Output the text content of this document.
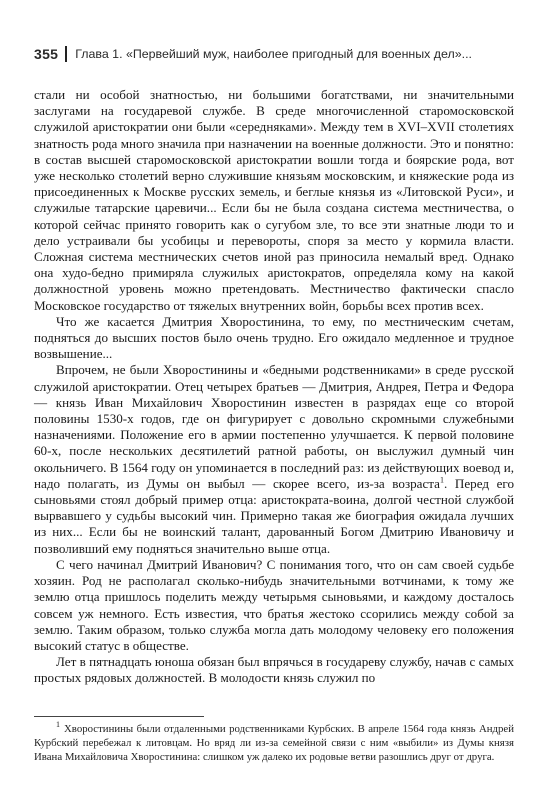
355 Глава 1. «Первейший муж, наиболее пригодный для военных дел»...

стали ни особой знатностью, ни большими богатствами, ни значительными заслугами на государевой службе. В среде многочисленной старомосковской служилой аристократии они были «середняками». Между тем в XVI–XVII столетиях знатность рода много значила при назначении на военные должности. Это и понятно: в состав высшей старомосковской аристократии вошли тогда и боярские рода, вот уже несколько столетий верно служившие князьям московским, и княжеские рода из присоединенных к Москве русских земель, и беглые князья из «Литовской Руси», и служилые татарские царевичи... Если бы не была создана система местничества, о которой сейчас принято говорить как о сугубом зле, то все эти знатные люди то и дело устраивали бы усобицы и перевороты, споря за место у кормила власти. Сложная система местнических счетов иной раз приносила немалый вред. Однако она худо-бедно примиряла служилых аристократов, определяла кому на какой должностной уровень можно претендовать. Местничество фактически спасло Московское государство от тяжелых внутренних войн, борьбы всех против всех.

Что же касается Дмитрия Хворостинина, то ему, по местническим счетам, подняться до высших постов было очень трудно. Его ожидало медленное и трудное возвышение...

Впрочем, не были Хворостинины и «бедными родственниками» в среде русской служилой аристократии. Отец четырех братьев — Дмитрия, Андрея, Петра и Федора — князь Иван Михайлович Хворостинин известен в разрядах еще со второй половины 1530-х годов, где он фигурирует с довольно скромными служебными назначениями. Положение его в армии постепенно улучшается. К первой половине 60-х, после нескольких десятилетий ратной работы, он выслужил думный чин окольничего. В 1564 году он упоминается в последний раз: из действующих воевод и, надо полагать, из Думы он выбыл — скорее всего, из-за возраста$^1$. Перед его сыновьями стоял добрый пример отца: аристократа-воина, долгой честной службой вырвавшего у судьбы высокий чин. Примерно такая же биография ожидала лучших из них... Если бы не воинский талант, дарованный Богом Дмитрию Ивановичу и позволивший ему подняться значительно выше отца.

С чего начинал Дмитрий Иванович? С понимания того, что он сам своей судьбе хозяин. Род не располагал сколько-нибудь значительными вотчинами, к тому же землю отца пришлось поделить между четырьмя сыновьями, и каждому досталось совсем уж немного. Есть известия, что братья жестоко ссорились между собой за землю. Таким образом, только служба могла дать молодому человеку его положения высокий статус в обществе.

Лет в пятнадцать юноша обязан был впрячься в государеву службу, начав с самых простых рядовых должностей. В молодости князь служил по

$^1$ Хворостинины были отдаленными родственниками Курбских. В апреле 1564 года князь Андрей Курбский перебежал к литовцам. Но вряд ли из-за семейной связи с ним «выбили» из Думы князя Ивана Михайловича Хворостинина: слишком уж далеко их родовые ветви разошлись друг от друга.
